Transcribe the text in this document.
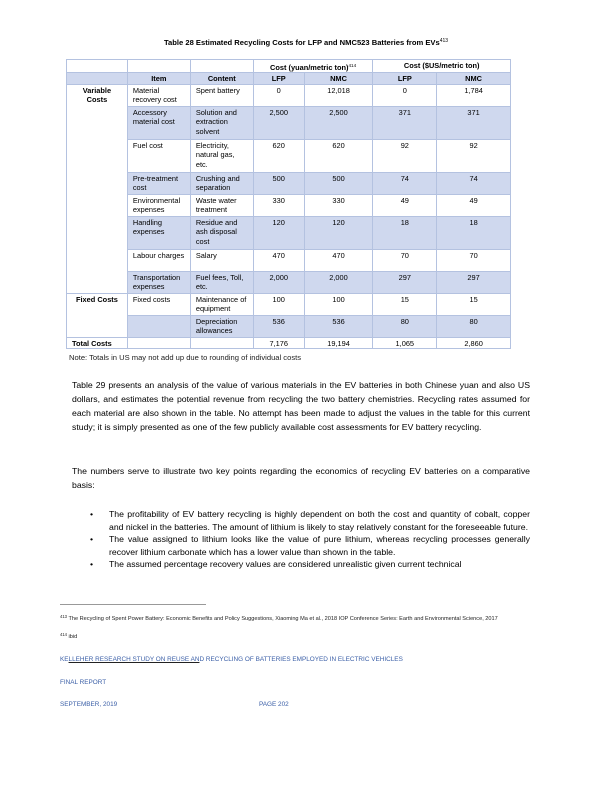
Table 28 Estimated Recycling Costs for LFP and NMC523 Batteries from EVs$^{413}$
			Cost (yuan/metric ton)$^{414}$		Cost ($US/metric ton)	
	Item	Content	LFP	NMC	LFP	NMC
Variable Costs	Material recovery cost	Spent battery	0	12,018	0	1,784
	Accessory material cost	Solution and extraction solvent	2,500	2,500	371	371
	Fuel cost	Electricity, natural gas, etc.	620	620	92	92
	Pre-treatment cost	Crushing and separation	500	500	74	74
	Environmental expenses	Waste water treatment	330	330	49	49
	Handling expenses	Residue and ash disposal cost	120	120	18	18
	Labour charges	Salary	470	470	70	70
	Transportation expenses	Fuel fees, Toll, etc.	2,000	2,000	297	297
Fixed Costs	Fixed costs	Maintenance of equipment	100	100	15	15
		Depreciation allowances	536	536	80	80
Total Costs			7,176	19,194	1,065	2,860
Note: Totals in US may not add up due to rounding of individual costs

Table 29 presents an analysis of the value of various materials in the EV batteries in both Chinese yuan and also US dollars, and estimates the potential revenue from recycling the two battery chemistries. Recycling rates assumed for each material are also shown in the table. No attempt has been made to adjust the values in the table for this current study; it is simply presented as one of the few publicly available cost assessments for EV battery recycling.

The numbers serve to illustrate two key points regarding the economics of recycling EV batteries on a comparative basis:

• The profitability of EV battery recycling is highly dependent on both the cost and quantity of cobalt, copper and nickel in the batteries. The amount of lithium is likely to stay relatively constant for the foreseeable future.
• The value assigned to lithium looks like the value of pure lithium, whereas recycling processes generally recover lithium carbonate which has a lower value than shown in the table.
• The assumed percentage recovery values are considered unrealistic given current technical
$^{413}$ The Recycling of Spent Power Battery: Economic Benefits and Policy Suggestions, Xiaoming Ma et al., 2018 IOP Conference Series: Earth and Environmental Science, 2017
$^{414}$ ibid
KELLEHER RESEARCH STUDY ON REUSE AND RECYCLING OF BATTERIES EMPLOYED IN ELECTRIC VEHICLES
FINAL REPORT
SEPTEMBER, 2019	PAGE 202
